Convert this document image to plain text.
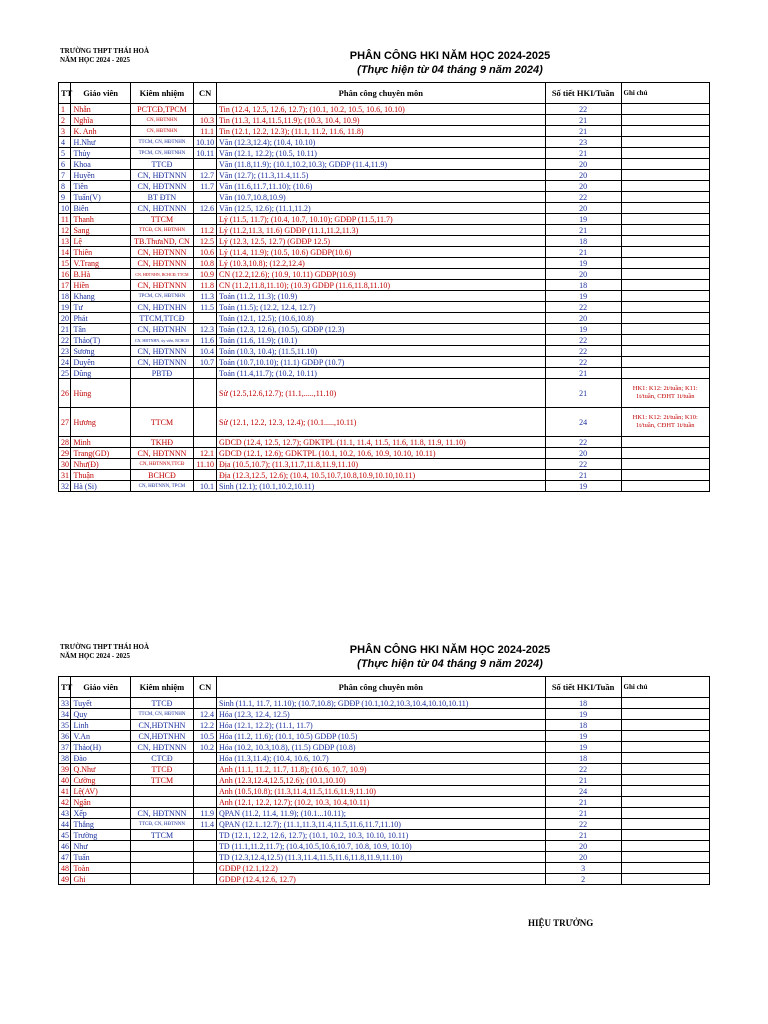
TRƯỜNG THPT THÁI HOÀ
NĂM HỌC 2024 - 2025	PHÂN CÔNG HKI NĂM HỌC 2024-2025
(Thực hiện từ 04 tháng 9 năm 2024)
TT	Giáo viên	Kiêm nhiệm	CN	Phân công chuyên môn	Số tiết HKI/Tuần	Ghi chú
1	Nhẫn	PCTCĐ,TPCM		Tin (12.4, 12.5, 12.6, 12.7); (10.1, 10.2, 10.5, 10.6, 10.10)	22	
2	Nghĩa	CN, HĐTNHN	10.3	Tin (11.3, 11.4,11.5,11.9); (10.3, 10.4, 10.9)	21	
3	K. Anh	CN, HĐTNHN	11.1	Tin (12.1, 12.2, 12.3); (11.1, 11.2, 11.6, 11.8)	21	
4	H.Như	TTCM, CN, HĐTNHN	10.10	Văn (12.3,12.4); (10.4, 10.10)	23	
5	Thủy	TPCM, CN, HĐTNHN	10.11	Văn (12.1, 12.2); (10.5, 10.11)	21	
6	Khoa	TTCĐ		Văn (11.8,11.9); (10.1,10.2,10.3); GDĐP (11.4,11.9)	20	
7	Huyền	CN, HĐTNNN	12.7	Văn (12.7); (11.3,11.4,11.5)	20	
8	Tiên	CN, HĐTNNN	11.7	Văn (11.6,11.7,11.10); (10.6)	20	
9	Tuấn(V)	BT ĐTN		Văn (10.7,10.8,10.9)	22	
10	Biên	CN, HĐTNNN	12.6	Văn (12.5, 12.6); (11.1,11.2)	20	
11	Thanh	TTCM		Lý (11.5, 11.7); (10.4, 10.7, 10.10); GDĐP (11.5,11.7)	19	
12	Sang	TTCĐ, CN, HĐTNHN	11.2	Lý (11.2,11.3, 11.6) GDĐP (11.1,11.2,11.3)	21	
13	Lệ	TB.ThưaND, CN	12.5	Lý (12.3, 12.5, 12.7) (GDĐP 12.5)	18	
14	Thiên	CN, HĐTNNN	10.6	Lý (11.4, 11.9); (10.5, 10.6) GDĐP(10.6)	21	
15	V.Trang	CN, HĐTNNN	10.8	Lý (10.3,10.8); (12.2,12.4)	19	
16	B.Hà	CN, HĐTNHN, BCHCĐ, TTCM	10.9	CN (12.2,12.6); (10.9, 10.11) GDĐP(10.9)	20	
17	Hiền	CN, HĐTNNN	11.8	CN (11.2,11.8,11.10); (10.3) GDĐP (11.6,11.8,11.10)	18	
18	Khang	TPCM, CN, HĐTNHN	11.3	Toán (11.2, 11.3); (10.9)	19	
19	Tư	CN, HĐTNHN	11.5	Toán (11.5); (12.2, 12.4, 12.7)	22	
20	Phát	TTCM,TTCĐ		Toán (12.1, 12.5); (10.6,10.8)	20	
21	Tân	CN, HĐTNHN	12.3	Toán (12.3, 12.6), (10.5), GDĐP (12.3)	19	
22	Thảo(T)	CN, HĐTNHN, ủy viên, BCHCĐ	11.6	Toán (11.6, 11.9); (10.1)	22	
23	Sương	CN, HĐTNNN	10.4	Toán (10.3, 10.4); (11.5,11.10)	22	
24	Duyên	CN, HĐTNNN	10.7	Toán (10.7,10.10); (11.1) GDĐP (10.7)	22	
25	Dũng	PBTĐ		Toán (11.4,11.7); (10.2, 10.11)	21	
26	Hùng			Sử (12.5,12.6,12.7); (11.1,.....,11.10)	21	HK1: K12: 2t/tuần; K11: 1t/tuần, CĐHT 1t/tuần
27	Hương	TTCM		Sử (12.1, 12.2, 12.3, 12.4); (10.1.....,10.11)	24	HK1: K12: 2t/tuần; K10: 1t/tuần, CĐHT 1t/tuần
28	Minh	TKHĐ		GDCD (12.4, 12.5, 12.7); GDKTPL (11.1, 11.4, 11.5, 11.6, 11.8, 11.9, 11.10)	22	
29	Trang(GD)	CN, HĐTNNN	12.1	GDCD (12.1, 12.6); GDKTPL (10.1, 10.2, 10.6, 10.9, 10.10, 10.11)	20	
30	Như(Đ)	CN, HĐTNNN,TTCĐ	11.10	Địa (10.5,10.7); (11.3,11.7,11.8,11.9,11.10)	22	
31	Thuận	BCHCĐ		Địa (12.3,12.5, 12.6); (10.4, 10.5,10.7,10.8,10.9,10.10,10.11)	21	
32	Hà (Si)	CN, HĐTNNN, TPCM	10.1	Sinh (12.1); (10.1,10.2,10.11)	19	
TRƯỜNG THPT THÁI HOÀ
NĂM HỌC 2024 - 2025	PHÂN CÔNG HKI NĂM HỌC 2024-2025
(Thực hiện từ 04 tháng 9 năm 2024)
TT	Giáo viên	Kiêm nhiệm	CN	Phân công chuyên môn	Số tiết HKI/Tuần	Ghi chú
33	Tuyết	TTCĐ		Sinh (11.1, 11.7, 11.10); (10.7,10.8); GDĐP (10.1,10.2,10.3,10.4,10.10,10.11)	18	
34	Quy	TTCM, CN, HĐTNHN	12.4	Hóa (12.3, 12.4, 12.5)	19	
35	Linh	CN,HĐTNHN	12.2	Hóa (12.1, 12.2); (11.1, 11.7)	18	
36	V.An	CN,HĐTNHN	10.5	Hóa (11.2, 11.6); (10.1, 10.5) GDĐP (10.5)	19	
37	Thảo(H)	CN, HĐTNNN	10.2	Hóa (10.2, 10.3,10.8), (11.5) GDĐP (10.8)	19	
38	Đào	CTCĐ		Hóa (11.3,11.4); (10.4, 10.6, 10.7)	18	
39	Q.Như	TTCĐ		Anh (11.1, 11.2, 11.7, 11.8); (10.6, 10.7, 10.9)	22	
40	Cường	TTCM		Anh (12.3,12.4,12.5,12.6); (10.1,10.10)	21	
41	Lệ(AV)			Anh (10.5,10.8); (11.3,11.4,11.5,11.6,11.9,11.10)	24	
42	Ngân			Anh (12.1, 12.2, 12.7); (10.2, 10.3, 10.4,10.11)	21	
43	Xếp	CN, HĐTNNN	11.9	QPAN (11.2, 11.4, 11.9); (10.1...10.11);	21	
44	Thắng	TTCĐ, CN, HĐTNNN	11.4	QPAN (12.1..12.7); (11.1,11.3,11.4,11.5,11.6,11.7,11.10)	22	
45	Trường	TTCM		TD (12.1, 12.2, 12.6, 12.7); (10.1, 10.2, 10.3, 10.10, 10.11)	21	
46	Như			TD (11.1,11.2,11.7); (10.4,10.5,10.6,10.7, 10.8, 10.9, 10.10)	20	
47	Tuấn			TD (12.3,12.4,12.5) (11.3,11.4,11.5,11.6,11.8,11.9,11.10)	20	
48	Toàn			GDĐP (12.1,12.2)	3	
49	Ghi			GDĐP (12.4,12.6, 12.7)	2	
HIỆU TRƯỞNG
